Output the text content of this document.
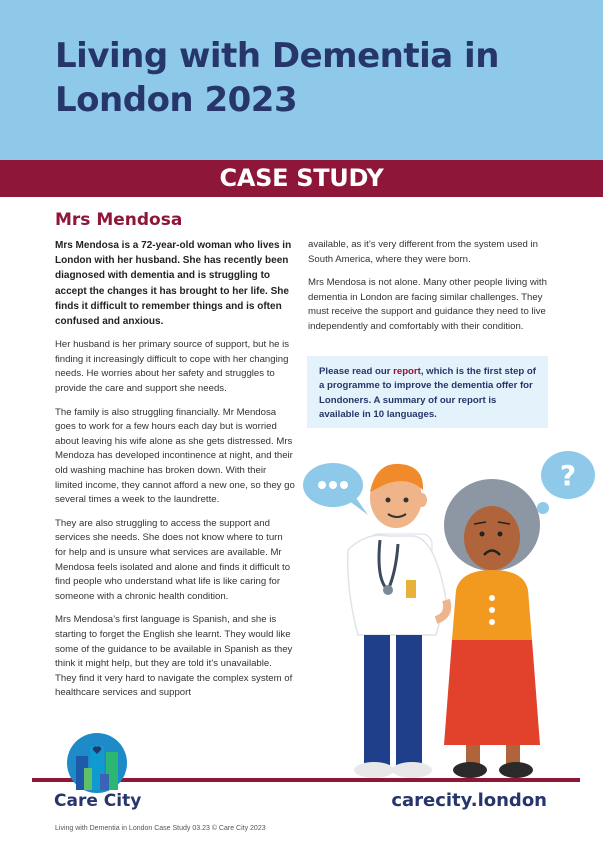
Living with Dementia in London 2023
CASE STUDY
Mrs Mendosa

Mrs Mendosa is a 72-year-old woman who lives in London with her husband. She has recently been diagnosed with dementia and is struggling to accept the changes it has brought to her life. She finds it difficult to remember things and is often confused and anxious.

Her husband is her primary source of support, but he is finding it increasingly difficult to cope with her changing needs. He worries about her safety and struggles to provide the care and support she needs.

The family is also struggling financially. Mr Mendosa goes to work for a few hours each day but is worried about leaving his wife alone as she gets distressed. Mrs Mendoza has developed incontinence at night, and their old washing machine has broken down. With their limited income, they cannot afford a new one, so they go several times a week to the laundrette.

They are also struggling to access the support and services she needs. She does not know where to turn for help and is unsure what services are available. Mr Mendosa feels isolated and alone and finds it difficult to find people who understand what life is like caring for someone with a chronic health condition.

Mrs Mendosa’s first language is Spanish, and she is starting to forget the English she learnt. They would like some of the guidance to be available in Spanish as they think it might help, but they are told it’s unavailable. They find it very hard to navigate the complex system of healthcare services and support

available, as it’s very different from the system used in South America, where they were born.

Mrs Mendosa is not alone. Many other people living with dementia in London are facing similar challenges. They must receive the support and guidance they need to live independently and comfortably with their condition.

Please read our report, which is the first step of a programme to improve the dementia offer for Londoners. A summary of our report is available in 10 languages.
?
Care City	carecity.london
Living with Dementia in London Case Study 03.23 © Care City 2023
